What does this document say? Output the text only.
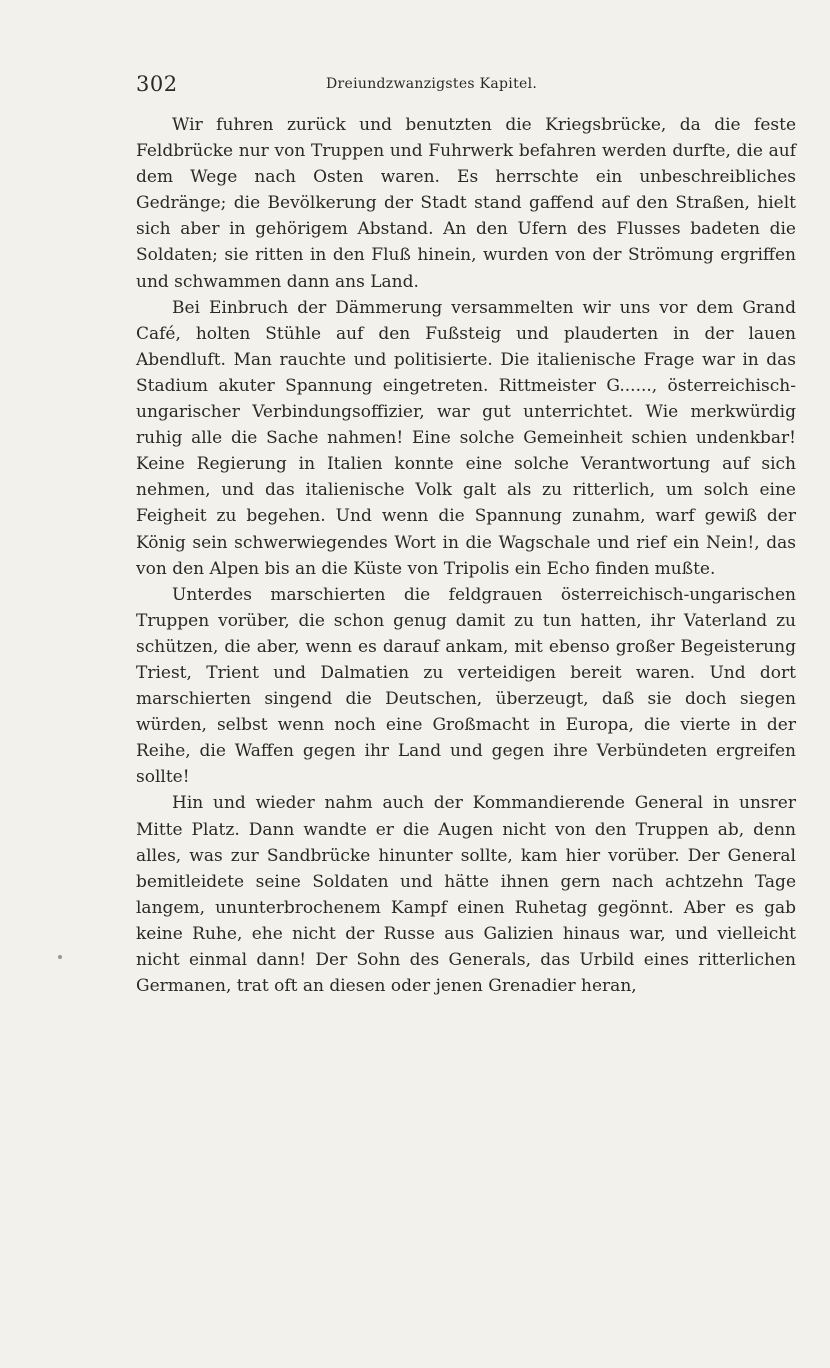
302	Dreiundzwanzigstes Kapitel.

Wir fuhren zurück und benutzten die Kriegsbrücke, da die feste Feldbrücke nur von Truppen und Fuhrwerk befahren werden durfte, die auf dem Wege nach Osten waren. Es herrschte ein unbeschreibliches Gedränge; die Bevölkerung der Stadt stand gaffend auf den Straßen, hielt sich aber in gehörigem Abstand. An den Ufern des Flusses badeten die Soldaten; sie ritten in den Fluß hinein, wurden von der Strömung ergriffen und schwammen dann ans Land.

Bei Einbruch der Dämmerung versammelten wir uns vor dem Grand Café, holten Stühle auf den Fußsteig und plauderten in der lauen Abendluft. Man rauchte und politisierte. Die italienische Frage war in das Stadium akuter Spannung eingetreten. Rittmeister G......, österreichisch-ungarischer Verbindungsoffizier, war gut unterrichtet. Wie merkwürdig ruhig alle die Sache nahmen! Eine solche Gemeinheit schien undenkbar! Keine Regierung in Italien konnte eine solche Verantwortung auf sich nehmen, und das italienische Volk galt als zu ritterlich, um solch eine Feigheit zu begehen. Und wenn die Spannung zunahm, warf gewiß der König sein schwerwiegendes Wort in die Wagschale und rief ein Nein!, das von den Alpen bis an die Küste von Tripolis ein Echo finden mußte.

Unterdes marschierten die feldgrauen österreichisch-ungarischen Truppen vorüber, die schon genug damit zu tun hatten, ihr Vaterland zu schützen, die aber, wenn es darauf ankam, mit ebenso großer Begeisterung Triest, Trient und Dalmatien zu verteidigen bereit waren. Und dort marschierten singend die Deutschen, überzeugt, daß sie doch siegen würden, selbst wenn noch eine Großmacht in Europa, die vierte in der Reihe, die Waffen gegen ihr Land und gegen ihre Verbündeten ergreifen sollte!

Hin und wieder nahm auch der Kommandierende General in unsrer Mitte Platz. Dann wandte er die Augen nicht von den Truppen ab, denn alles, was zur Sandbrücke hinunter sollte, kam hier vorüber. Der General bemitleidete seine Soldaten und hätte ihnen gern nach achtzehn Tage langem, ununterbrochenem Kampf einen Ruhetag gegönnt. Aber es gab keine Ruhe, ehe nicht der Russe aus Galizien hinaus war, und vielleicht nicht einmal dann! Der Sohn des Generals, das Urbild eines ritterlichen Germanen, trat oft an diesen oder jenen Grenadier heran,
